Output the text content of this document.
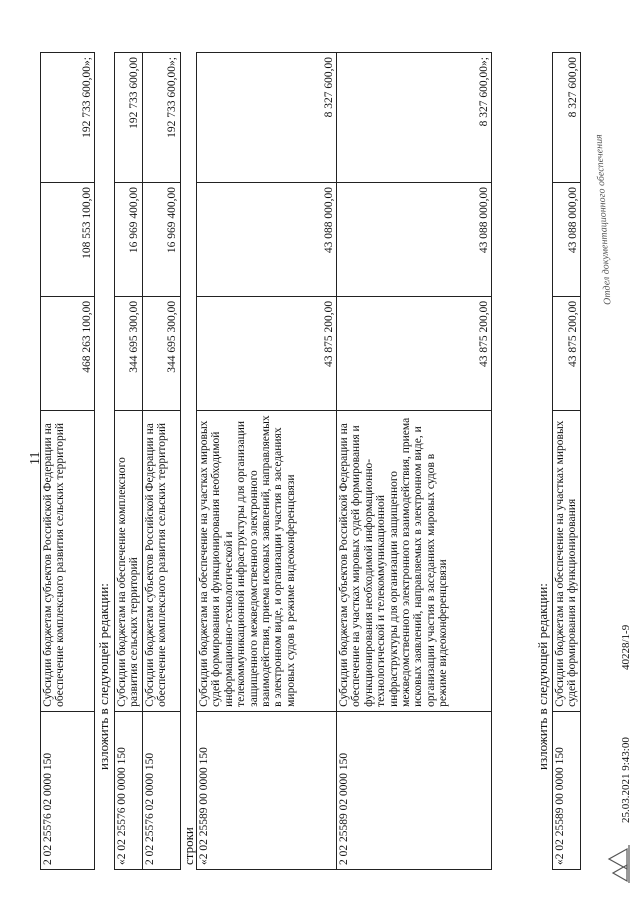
11
2 02 25576 02 0000 150	Субсидии бюджетам субъектов Российской Федерации на обеспечение комплексного развития сельских территорий	468 263 100,00	108 553 100,00	192 733 600,00»;
изложить в следующей редакции:
«2 02 25576 00 0000 150	Субсидии бюджетам на обеспечение комплексного развития сельских территорий	344 695 300,00	16 969 400,00	192 733 600,00
2 02 25576 02 0000 150	Субсидии бюджетам субъектов Российской Федерации на обеспечение комплексного развития сельских территорий	344 695 300,00	16 969 400,00	192 733 600,00»;
строки «2 02 25589 00 0000 150	Субсидии бюджетам на обеспечение на участках мировых судей формирования и функционирования необходимой информационно-технологической и телекоммуникационной инфраструктуры для организации защищенного межведомственного электронного взаимодействия, приема исковых заявлений, направляемых в электронном виде, и организации участия в заседаниях мировых судов в режиме видеоконференцсвязи	43 875 200,00	43 088 000,00	8 327 600,00
2 02 25589 02 0000 150	Субсидии бюджетам субъектов Российской Федерации на обеспечение на участках мировых судей формирования и функционирования необходимой информационно-технологической и телекоммуникационной инфраструктуры для организации защищенного межведомственного электронного взаимодействия, приема исковых заявлений, направляемых в электронном виде, и организации участия в заседаниях мировых судов в режиме видеоконференцсвязи	43 875 200,00	43 088 000,00	8 327 600,00»;
изложить в следующей редакции:
«2 02 25589 00 0000 150	Субсидии бюджетам на обеспечение на участках мировых судей формирования и функционирования	43 875 200,00	43 088 000,00	8 327 600,00
25.03.2021 9:43:00
40228/1-9
Отдел документационного обеспечения
